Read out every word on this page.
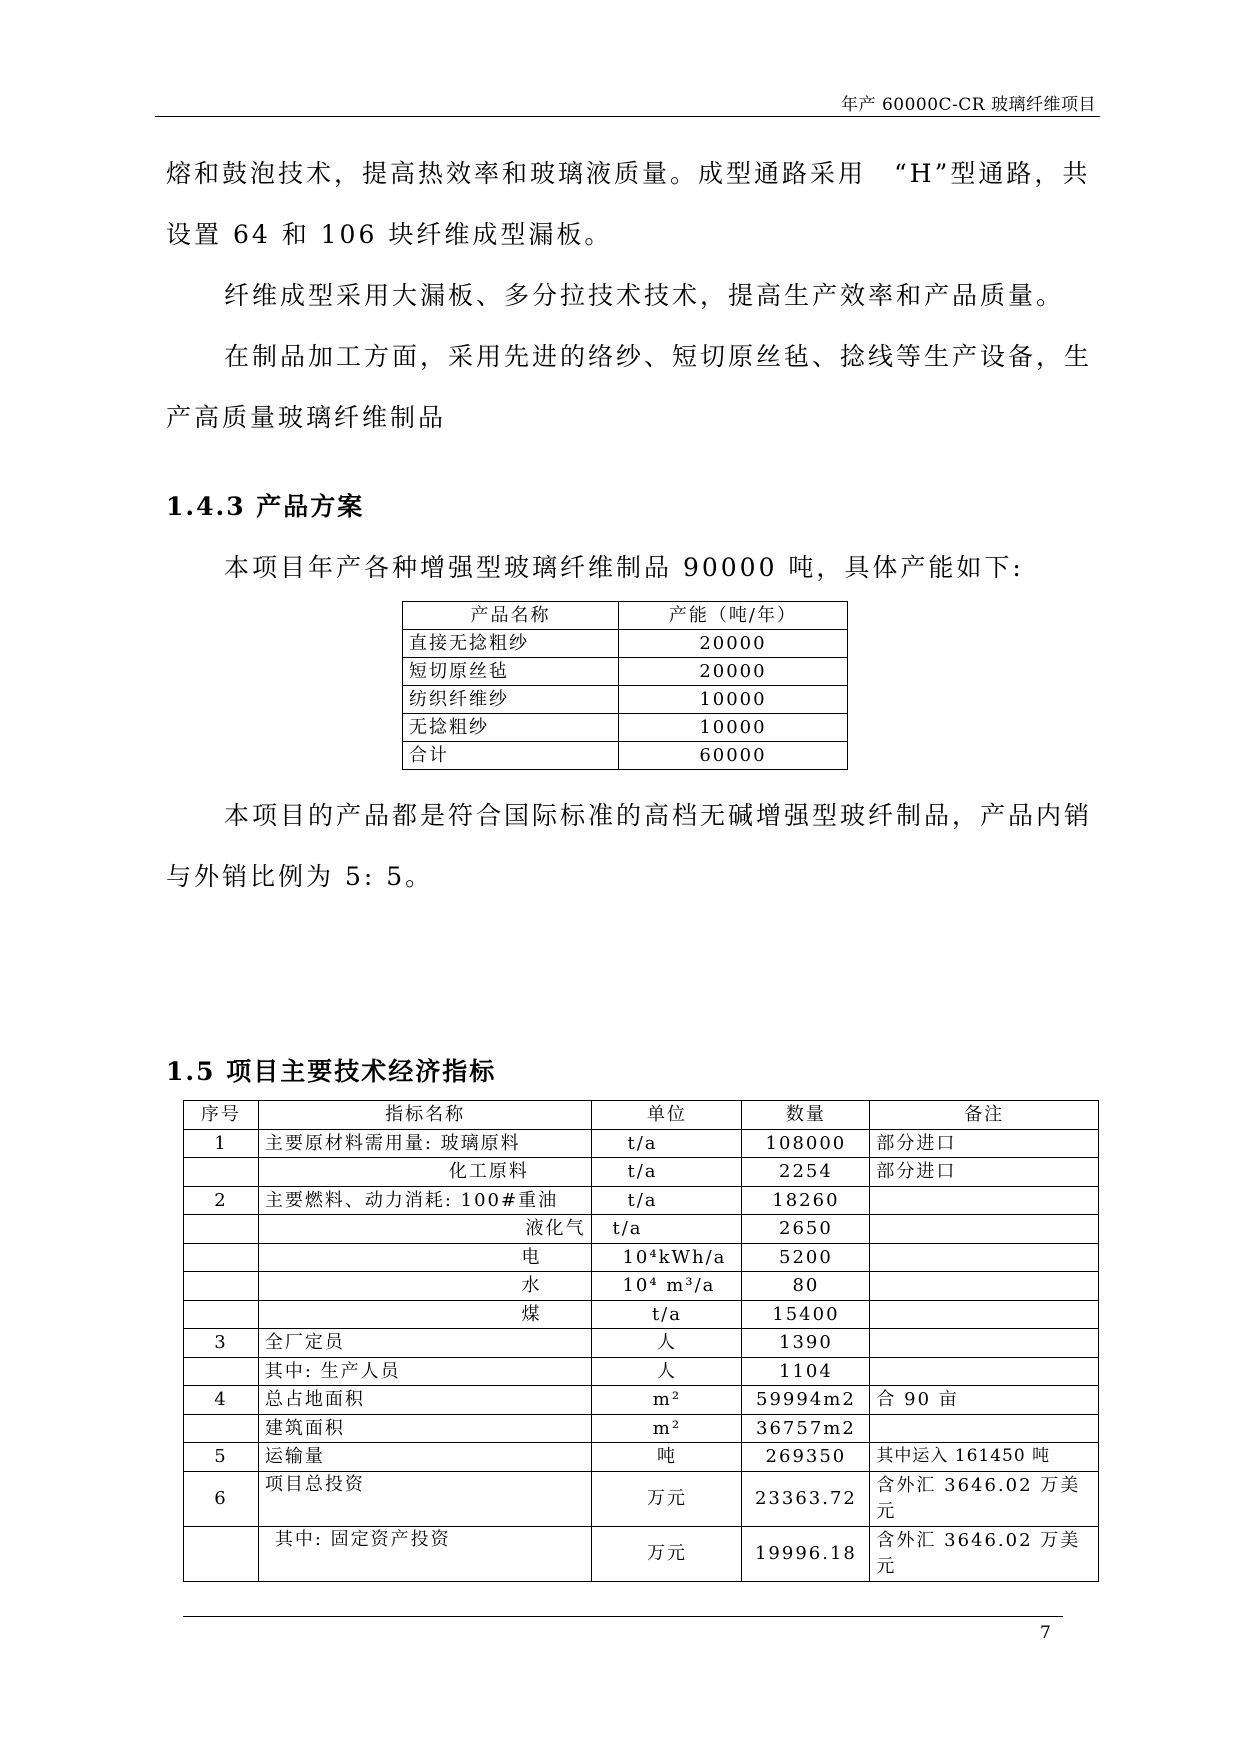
年产 60000C-CR 玻璃纤维项目

熔和鼓泡技术，提高热效率和玻璃液质量。成型通路采用　“H”型通路，共设置 64 和 106 块纤维成型漏板。

纤维成型采用大漏板、多分拉技术技术，提高生产效率和产品质量。

在制品加工方面，采用先进的络纱、短切原丝毡、捻线等生产设备，生产高质量玻璃纤维制品

1.4.3 产品方案

本项目年产各种增强型玻璃纤维制品 90000 吨，具体产能如下:

产品名称	产能（吨/年）
直接无捻粗纱	20000
短切原丝毡	20000
纺织纤维纱	10000
无捻粗纱	10000
合计	60000

本项目的产品都是符合国际标准的高档无碱增强型玻纤制品，产品内销与外销比例为 5: 5。

1.5 项目主要技术经济指标
序号	指标名称	单位	数量	备注
1	主要原材料需用量: 玻璃原料	t/a	108000	部分进口
	化工原料	t/a	2254	部分进口
2	主要燃料、动力消耗: 100#重油	t/a	18260	
	液化气	t/a	2650	
	电	10⁴kWh/a	5200	
	水	10⁴ m³/a	80	
	煤	t/a	15400	
3	全厂定员	人	1390	
	其中: 生产人员	人	1104	
4	总占地面积	m²	59994m2	合 90 亩
	建筑面积	m²	36757m2	
5	运输量	吨	269350	其中运入 161450 吨
6	项目总投资	万元	23363.72	含外汇 3646.02 万美元
	其中: 固定资产投资	万元	19996.18	含外汇 3646.02 万美元
7
